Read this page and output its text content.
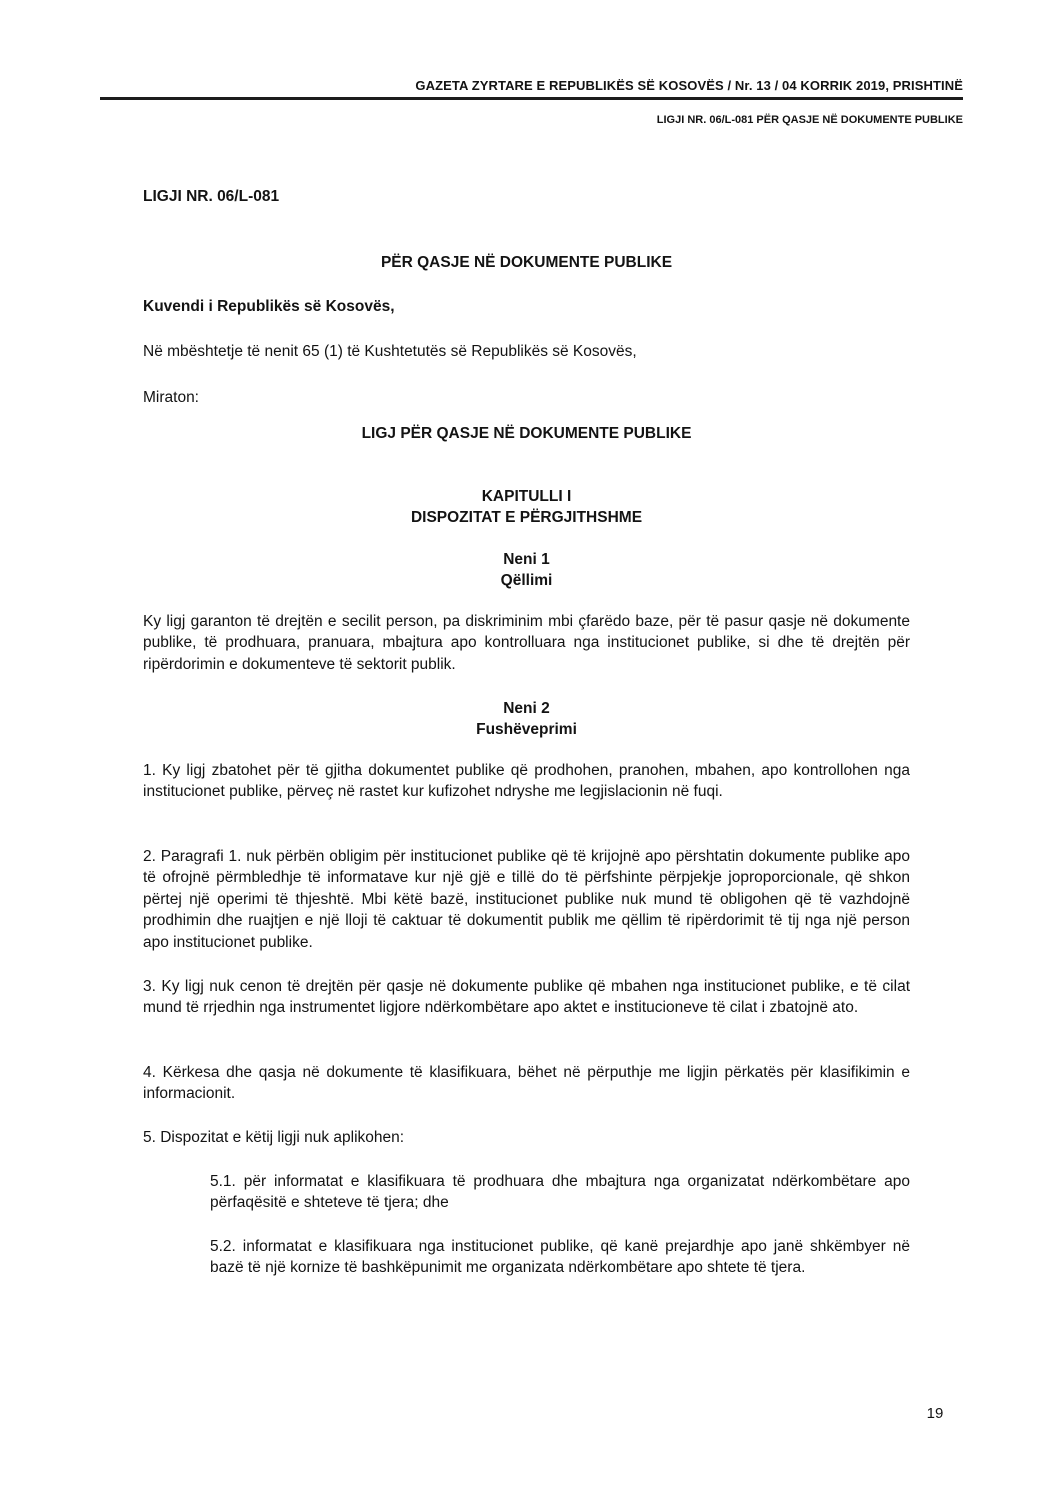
GAZETA ZYRTARE E REPUBLIKËS SË KOSOVËS / Nr. 13 / 04 KORRIK 2019, PRISHTINË
LIGJI NR. 06/L-081 PËR QASJE NË DOKUMENTE PUBLIKE
LIGJI NR. 06/L-081
PËR QASJE NË DOKUMENTE PUBLIKE
Kuvendi i Republikës së Kosovës,
Në mbështetje të nenit 65 (1) të Kushtetutës së Republikës së Kosovës,
Miraton:
LIGJ PËR QASJE NË DOKUMENTE PUBLIKE
KAPITULLI I
DISPOZITAT E PËRGJITHSHME
Neni 1
Qëllimi
Ky ligj garanton të drejtën e secilit person, pa diskriminim mbi çfarëdo baze, për të pasur qasje në dokumente publike, të prodhuara, pranuara, mbajtura apo kontrolluara nga institucionet publike, si dhe të drejtën për ripërdorimin e dokumenteve të sektorit publik.
Neni 2
Fushëveprimi
1. Ky ligj zbatohet për të gjitha dokumentet publike që prodhohen, pranohen, mbahen, apo kontrollohen nga institucionet publike, përveç në rastet kur kufizohet ndryshe me legjislacionin në fuqi.
2. Paragrafi 1. nuk përbën obligim për institucionet publike që të krijojnë apo përshtatin dokumente publike apo të ofrojnë përmbledhje të informatave kur një gjë e tillë do të përfshinte përpjekje joproporcionale, që shkon përtej një operimi të thjeshtë. Mbi këtë bazë, institucionet publike nuk mund të obligohen që të vazhdojnë prodhimin dhe ruajtjen e një lloji të caktuar të dokumentit publik me qëllim të ripërdorimit të tij nga një person apo institucionet publike.
3. Ky ligj nuk cenon të drejtën për qasje në dokumente publike që mbahen nga institucionet publike, e të cilat mund të rrjedhin nga instrumentet ligjore ndërkombëtare apo aktet e institucioneve të cilat i zbatojnë ato.
4. Kërkesa dhe qasja në dokumente të klasifikuara, bëhet në përputhje me ligjin përkatës për klasifikimin e informacionit.
5. Dispozitat e këtij ligji nuk aplikohen:
5.1. për informatat e klasifikuara të prodhuara dhe mbajtura nga organizatat ndërkombëtare apo përfaqësitë e shteteve të tjera; dhe
5.2. informatat e klasifikuara nga institucionet publike, që kanë prejardhje apo janë shkëmbyer në bazë të një kornize të bashkëpunimit me organizata ndërkombëtare apo shtete të tjera.
19
